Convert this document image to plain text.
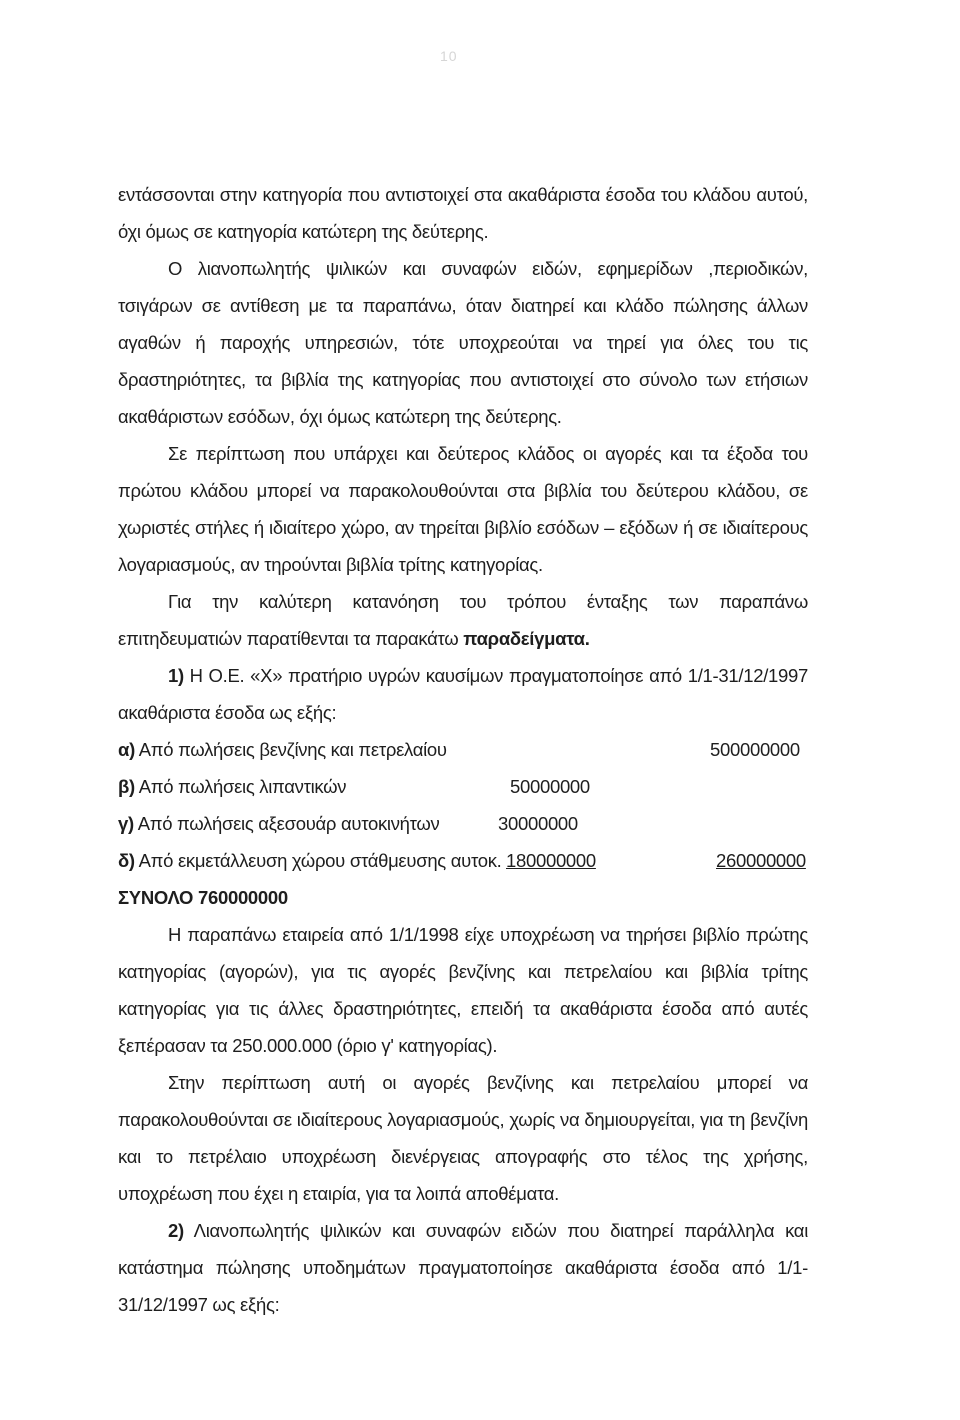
10

εντάσσονται στην κατηγορία που αντιστοιχεί στα ακαθάριστα έσοδα του κλάδου αυτού, όχι όμως σε κατηγορία κατώτερη της δεύτερης.

Ο λιανοπωλητής ψιλικών και συναφών ειδών, εφημερίδων ,περιοδικών, τσιγάρων σε αντίθεση με τα παραπάνω, όταν διατηρεί και κλάδο πώλησης άλλων αγαθών ή παροχής υπηρεσιών, τότε υποχρεούται να τηρεί για όλες του τις δραστηριότητες, τα βιβλία της κατηγορίας που αντιστοιχεί στο σύνολο των ετήσιων ακαθάριστων εσόδων, όχι όμως κατώτερη της δεύτερης.

Σε περίπτωση που υπάρχει και δεύτερος κλάδος οι αγορές και τα έξοδα του πρώτου κλάδου μπορεί να παρακολουθούνται στα βιβλία του δεύτερου κλάδου, σε χωριστές στήλες ή ιδιαίτερο χώρο, αν τηρείται βιβλίο εσόδων – εξόδων ή σε ιδιαίτερους λογαριασμούς, αν τηρούνται βιβλία τρίτης κατηγορίας.

Για την καλύτερη κατανόηση του τρόπου ένταξης των παραπάνω επιτηδευματιών παρατίθενται τα παρακάτω παραδείγματα.

1) Η Ο.Ε. «Χ» πρατήριο υγρών καυσίμων πραγματοποίησε από 1/1-31/12/1997 ακαθάριστα έσοδα ως εξής:

α) Από πωλήσεις βενζίνης και πετρελαίου	500000000
β) Από πωλήσεις λιπαντικών	50000000
γ) Από πωλήσεις αξεσουάρ αυτοκινήτων	30000000
δ) Από εκμετάλλευση χώρου στάθμευσης αυτοκ. 180000000	260000000
ΣΥΝΟΛΟ 760000000

Η παραπάνω εταιρεία από 1/1/1998 είχε υποχρέωση να τηρήσει βιβλίο πρώτης κατηγορίας (αγορών), για τις αγορές βενζίνης και πετρελαίου και βιβλία τρίτης κατηγορίας για τις άλλες δραστηριότητες, επειδή τα ακαθάριστα έσοδα από αυτές ξεπέρασαν τα 250.000.000 (όριο γ' κατηγορίας).

Στην περίπτωση αυτή οι αγορές βενζίνης και πετρελαίου μπορεί να παρακολουθούνται σε ιδιαίτερους λογαριασμούς, χωρίς να δημιουργείται, για τη βενζίνη και το πετρέλαιο υποχρέωση διενέργειας απογραφής στο τέλος της χρήσης, υποχρέωση που έχει η εταιρία, για τα λοιπά αποθέματα.

2) Λιανοπωλητής ψιλικών και συναφών ειδών που διατηρεί παράλληλα και κατάστημα πώλησης υποδημάτων πραγματοποίησε ακαθάριστα έσοδα από 1/1-31/12/1997 ως εξής:
